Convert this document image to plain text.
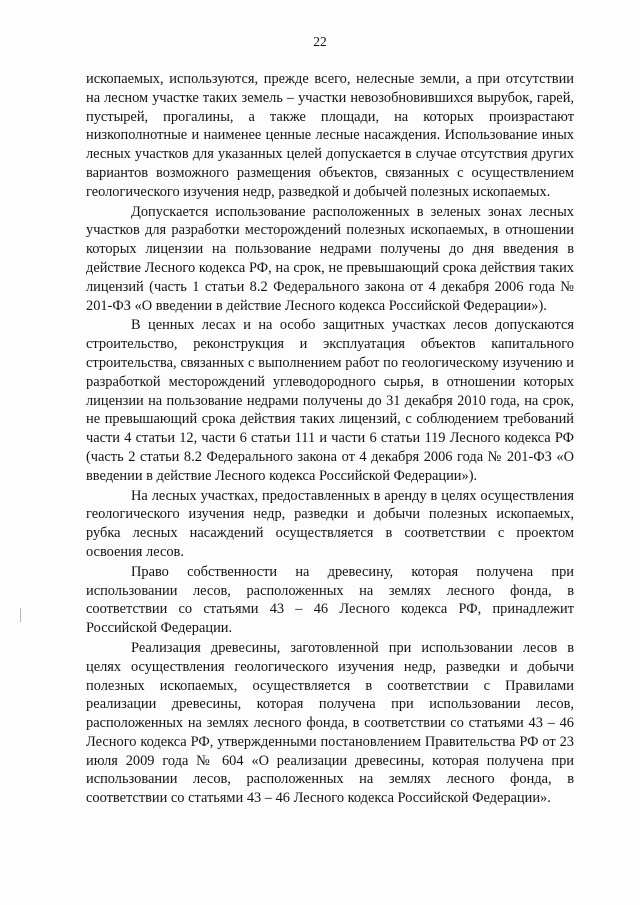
22

ископаемых, используются, прежде всего, нелесные земли, а при отсутствии на лесном участке таких земель – участки невозобновившихся вырубок, гарей, пустырей, прогалины, а также площади, на которых произрастают низкополнотные и наименее ценные лесные насаждения. Использование иных лесных участков для указанных целей допускается в случае отсутствия других вариантов возможного размещения объектов, связанных с осуществлением геологического изучения недр, разведкой и добычей полезных ископаемых.

Допускается использование расположенных в зеленых зонах лесных участков для разработки месторождений полезных ископаемых, в отношении которых лицензии на пользование недрами получены до дня введения в действие Лесного кодекса РФ, на срок, не превышающий срока действия таких лицензий (часть 1 статьи 8.2 Федерального закона от 4 декабря 2006 года № 201-ФЗ «О введении в действие Лесного кодекса Российской Федерации»).

В ценных лесах и на особо защитных участках лесов допускаются строительство, реконструкция и эксплуатация объектов капитального строительства, связанных с выполнением работ по геологическому изучению и разработкой месторождений углеводородного сырья, в отношении которых лицензии на пользование недрами получены до 31 декабря 2010 года, на срок, не превышающий срока действия таких лицензий, с соблюдением требований части 4 статьи 12, части 6 статьи 111 и части 6 статьи 119 Лесного кодекса РФ (часть 2 статьи 8.2 Федерального закона от 4 декабря 2006 года № 201-ФЗ «О введении в действие Лесного кодекса Российской Федерации»).

На лесных участках, предоставленных в аренду в целях осуществления геологического изучения недр, разведки и добычи полезных ископаемых, рубка лесных насаждений осуществляется в соответствии с проектом освоения лесов.

Право собственности на древесину, которая получена при использовании лесов, расположенных на землях лесного фонда, в соответствии со статьями 43 – 46 Лесного кодекса РФ, принадлежит Российской Федерации.

Реализация древесины, заготовленной при использовании лесов в целях осуществления геологического изучения недр, разведки и добычи полезных ископаемых, осуществляется в соответствии с Правилами реализации древесины, которая получена при использовании лесов, расположенных на землях лесного фонда, в соответствии со статьями 43 – 46 Лесного кодекса РФ, утвержденными постановлением Правительства РФ от 23 июля 2009 года № 604 «О реализации древесины, которая получена при использовании лесов, расположенных на землях лесного фонда, в соответствии со статьями 43 – 46 Лесного кодекса Российской Федерации».
